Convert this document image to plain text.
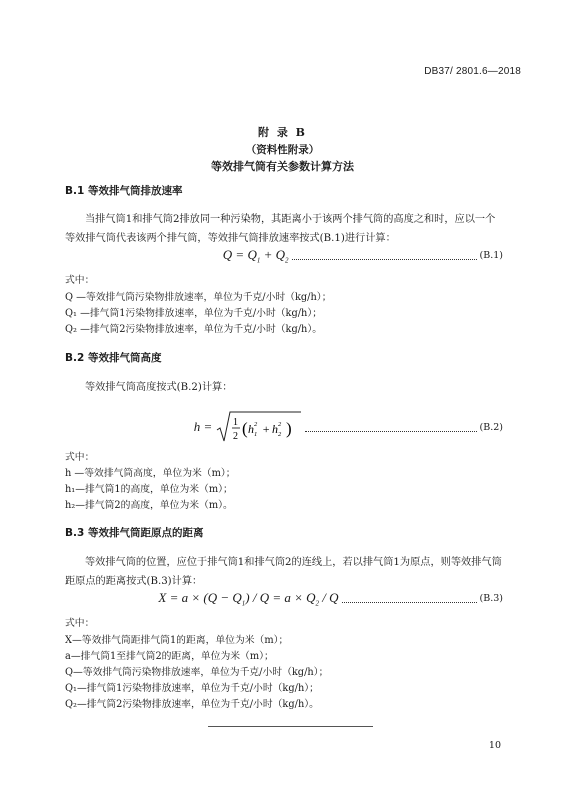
DB37/ 2801.6—2018
附 录 B
（资料性附录）
等效排气筒有关参数计算方法
B.1 等效排气筒排放速率
当排气筒1和排气筒2排放同一种污染物，其距离小于该两个排气筒的高度之和时，应以一个等效排气筒代表该两个排气筒，等效排气筒排放速率按式(B.1)进行计算：
$Q = Q_1 + Q_2$	(B.1)
式中：
Q —等效排气筒污染物排放速率，单位为千克/小时（kg/h）；
Q₁ —排气筒1污染物排放速率，单位为千克/小时（kg/h）；
Q₂ —排气筒2污染物排放速率，单位为千克/小时（kg/h）。
B.2 等效排气筒高度
等效排气筒高度按式(B.2)计算：
h = 1
2 ( h 1
2 + h 2
2 )	(B.2)
式中：
h —等效排气筒高度，单位为米（m）；
h₁—排气筒1的高度，单位为米（m）；
h₂—排气筒2的高度，单位为米（m）。
B.3 等效排气筒距原点的距离
等效排气筒的位置，应位于排气筒1和排气筒2的连线上，若以排气筒1为原点，则等效排气筒距原点的距离按式(B.3)计算：
$X = a \times (Q - Q_1) / Q = a \times Q_2 / Q$	(B.3)
式中：
X—等效排气筒距排气筒1的距离，单位为米（m）；
a—排气筒1至排气筒2的距离，单位为米（m）；
Q—等效排气筒污染物排放速率，单位为千克/小时（kg/h）；
Q₁—排气筒1污染物排放速率，单位为千克/小时（kg/h）；
Q₂—排气筒2污染物排放速率，单位为千克/小时（kg/h）。
10
